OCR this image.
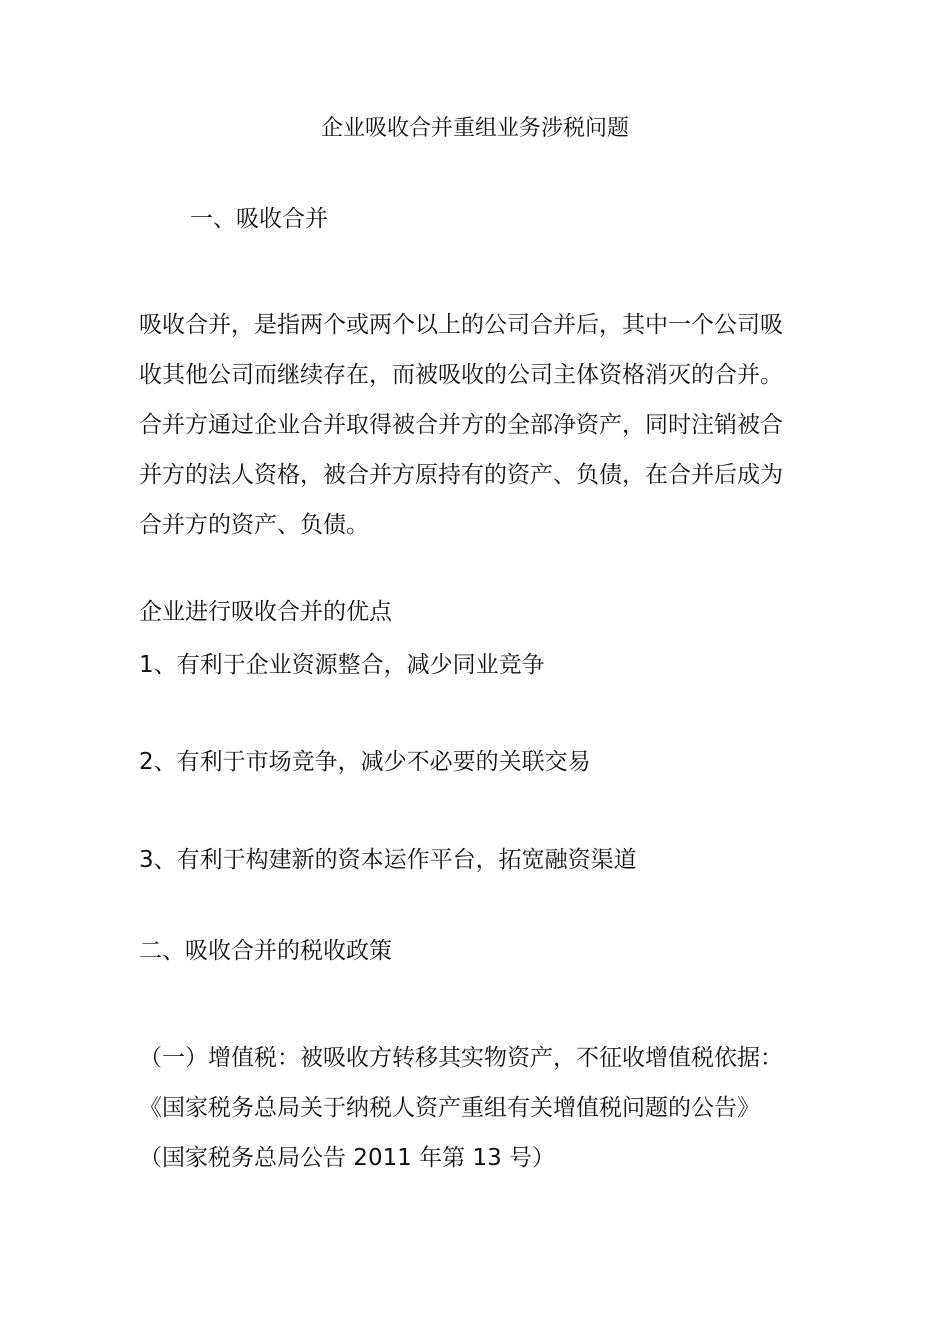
企业吸收合并重组业务涉税问题
一、吸收合并
吸收合并，是指两个或两个以上的公司合并后，其中一个公司吸
收其他公司而继续存在，而被吸收的公司主体资格消灭的合并。
合并方通过企业合并取得被合并方的全部净资产，同时注销被合
并方的法人资格，被合并方原持有的资产、负债，在合并后成为
合并方的资产、负债。
企业进行吸收合并的优点
1、有利于企业资源整合，减少同业竞争
2、有利于市场竞争，减少不必要的关联交易
3、有利于构建新的资本运作平台，拓宽融资渠道
二、吸收合并的税收政策
（一）增值税：被吸收方转移其实物资产，不征收增值税依据：
《国家税务总局关于纳税人资产重组有关增值税问题的公告》
（国家税务总局公告 2011 年第 13 号）
